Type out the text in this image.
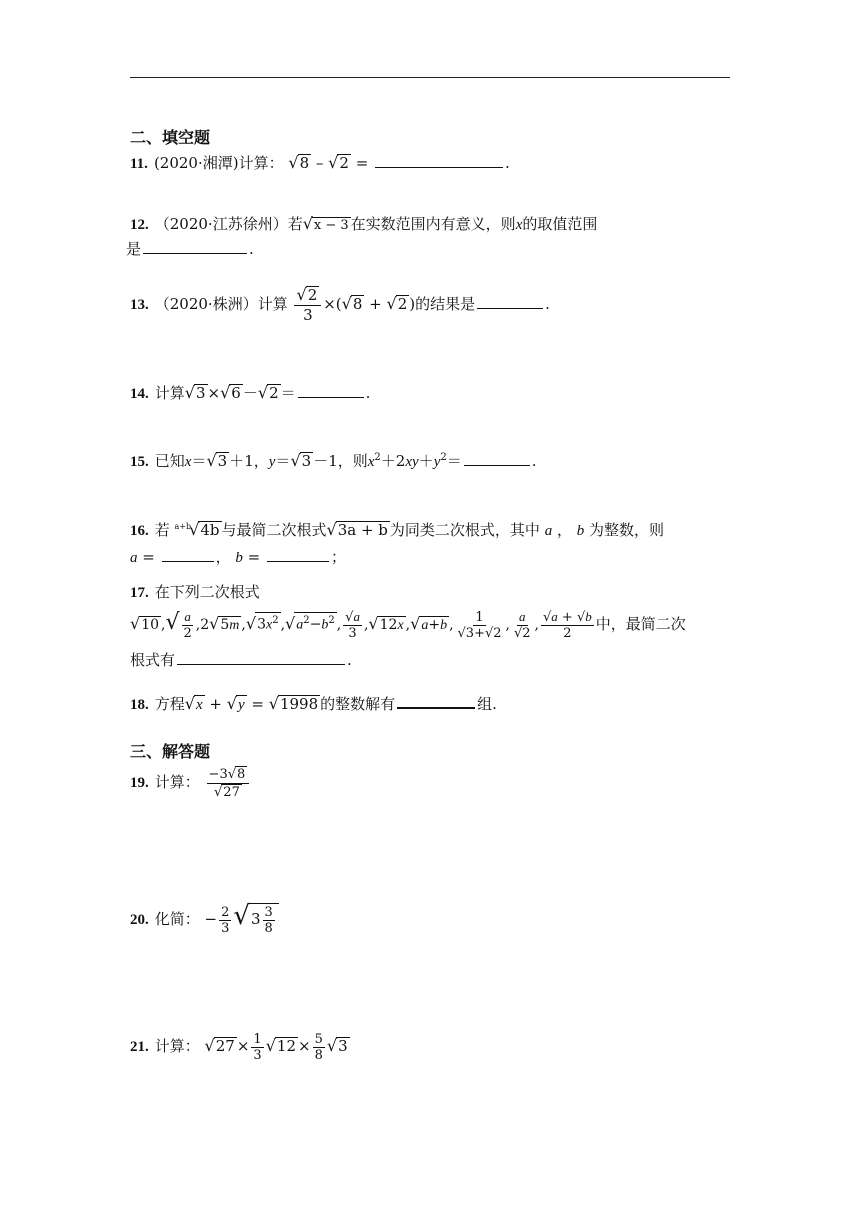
二、填空题
11. (2020·湘潭)计算： √8 – √2 =	.
12. （2020·江苏徐州）若√x − 3 在实数范围内有意义，则x的取值范围
是	.
13. （2020·株洲）计算 $\frac{√2}{3} \times(√8 + √2$ )的结果是	.
14. 计算√3 ×√6 －√2 ＝	.
15. 已知x＝√3 ＋1，y＝√3 －1，则$x^2+2xy+y^2=$	.
16. 若 $^{a+b}$√4b 与最简二次根式√3a + b 为同类二次根式，其中 a ， b 为整数，则
a =	， b =	；
17. 在下列二次根式
√10 ,√ $\frac{a}{2} ,2√5m$ $,√3x^2$ $,√a^2-b^2$ , $\frac{√a}{3} ,√12x$ ,√a+b , $\frac{1}{√3+√2}$ , $\frac{a}{√2}$ , $\frac{√a + √b}{2}$ 中，最简二次
根式有	.
18. 方程√x + √y = √1998 的整数解有	组.
三、解答题
19. 计算： $\frac{-3√8}{√27}$
20. 化简： − $\frac{2}{3} √3 \frac{3}{8}$
21. 计算： $√27 \times \frac{1}{3} √12 \times \frac{5}{8} √3$
